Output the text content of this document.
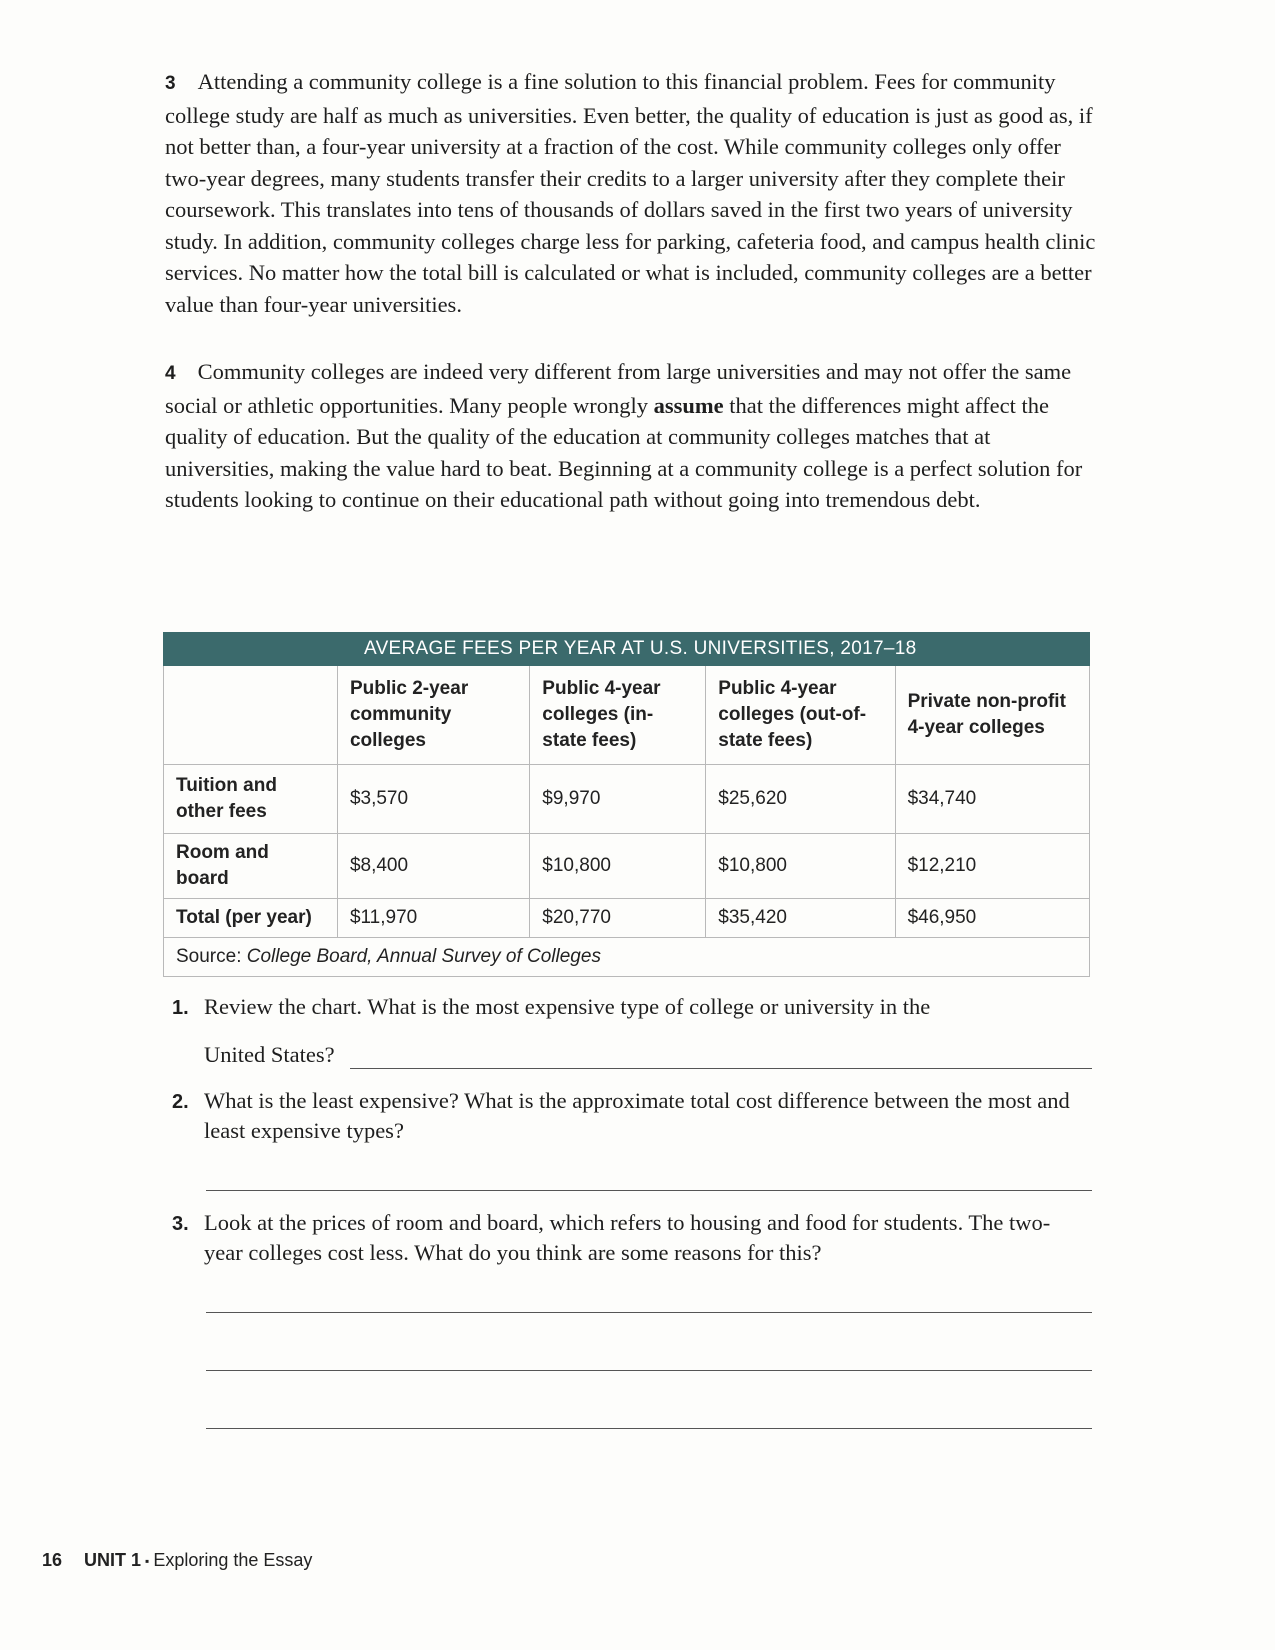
3 Attending a community college is a fine solution to this financial problem. Fees for community college study are half as much as universities. Even better, the quality of education is just as good as, if not better than, a four-year university at a fraction of the cost. While community colleges only offer two-year degrees, many students transfer their credits to a larger university after they complete their coursework. This translates into tens of thousands of dollars saved in the first two years of university study. In addition, community colleges charge less for parking, cafeteria food, and campus health clinic services. No matter how the total bill is calculated or what is included, community colleges are a better value than four-year universities.

4 Community colleges are indeed very different from large universities and may not offer the same social or athletic opportunities. Many people wrongly assume that the differences might affect the quality of education. But the quality of the education at community colleges matches that at universities, making the value hard to beat. Beginning at a community college is a perfect solution for students looking to continue on their educational path without going into tremendous debt.

AVERAGE FEES PER YEAR AT U.S. UNIVERSITIES, 2017–18				

	Public 2-year community colleges	Public 4-year colleges (in-state fees)	Public 4-year colleges (out-of-state fees)	Private non-profit 4-year colleges
Tuition and other fees	$3,570	$9,970	$25,620	$34,740
Room and board	$8,400	$10,800	$10,800	$12,210
Total (per year)	$11,970	$20,770	$35,420	$46,950
Source: College Board, Annual Survey of Colleges				
1. Review the chart. What is the most expensive type of college or university in the
United States?
2. What is the least expensive? What is the approximate total cost difference between the most and least expensive types?
3. Look at the prices of room and board, which refers to housing and food for students. The two-year colleges cost less. What do you think are some reasons for this?
16 UNIT 1 ▪ Exploring the Essay
